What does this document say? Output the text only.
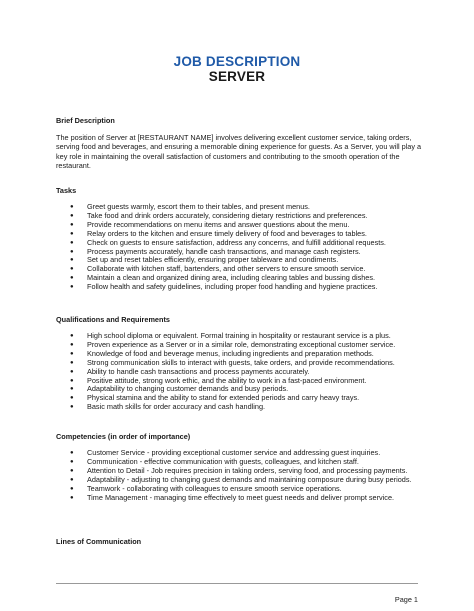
JOB DESCRIPTION
SERVER

Brief Description

The position of Server at [RESTAURANT NAME] involves delivering excellent customer service, taking orders, serving food and beverages, and ensuring a memorable dining experience for guests. As a Server, you will play a key role in maintaining the overall satisfaction of customers and contributing to the smooth operation of the restaurant.

Tasks

● Greet guests warmly, escort them to their tables, and present menus.
● Take food and drink orders accurately, considering dietary restrictions and preferences.
● Provide recommendations on menu items and answer questions about the menu.
● Relay orders to the kitchen and ensure timely delivery of food and beverages to tables.
● Check on guests to ensure satisfaction, address any concerns, and fulfill additional requests.
● Process payments accurately, handle cash transactions, and manage cash registers.
● Set up and reset tables efficiently, ensuring proper tableware and condiments.
● Collaborate with kitchen staff, bartenders, and other servers to ensure smooth service.
● Maintain a clean and organized dining area, including clearing tables and bussing dishes.
● Follow health and safety guidelines, including proper food handling and hygiene practices.

Qualifications and Requirements

● High school diploma or equivalent. Formal training in hospitality or restaurant service is a plus.
● Proven experience as a Server or in a similar role, demonstrating exceptional customer service.
● Knowledge of food and beverage menus, including ingredients and preparation methods.
● Strong communication skills to interact with guests, take orders, and provide recommendations.
● Ability to handle cash transactions and process payments accurately.
● Positive attitude, strong work ethic, and the ability to work in a fast-paced environment.
● Adaptability to changing customer demands and busy periods.
● Physical stamina and the ability to stand for extended periods and carry heavy trays.
● Basic math skills for order accuracy and cash handling.

Competencies (in order of importance)

● Customer Service - providing exceptional customer service and addressing guest inquiries.
● Communication - effective communication with guests, colleagues, and kitchen staff.
● Attention to Detail - Job requires precision in taking orders, serving food, and processing payments.
● Adaptability - adjusting to changing guest demands and maintaining composure during busy periods.
● Teamwork - collaborating with colleagues to ensure smooth service operations.
● Time Management - managing time effectively to meet guest needs and deliver prompt service.

Lines of Communication

Page 1
